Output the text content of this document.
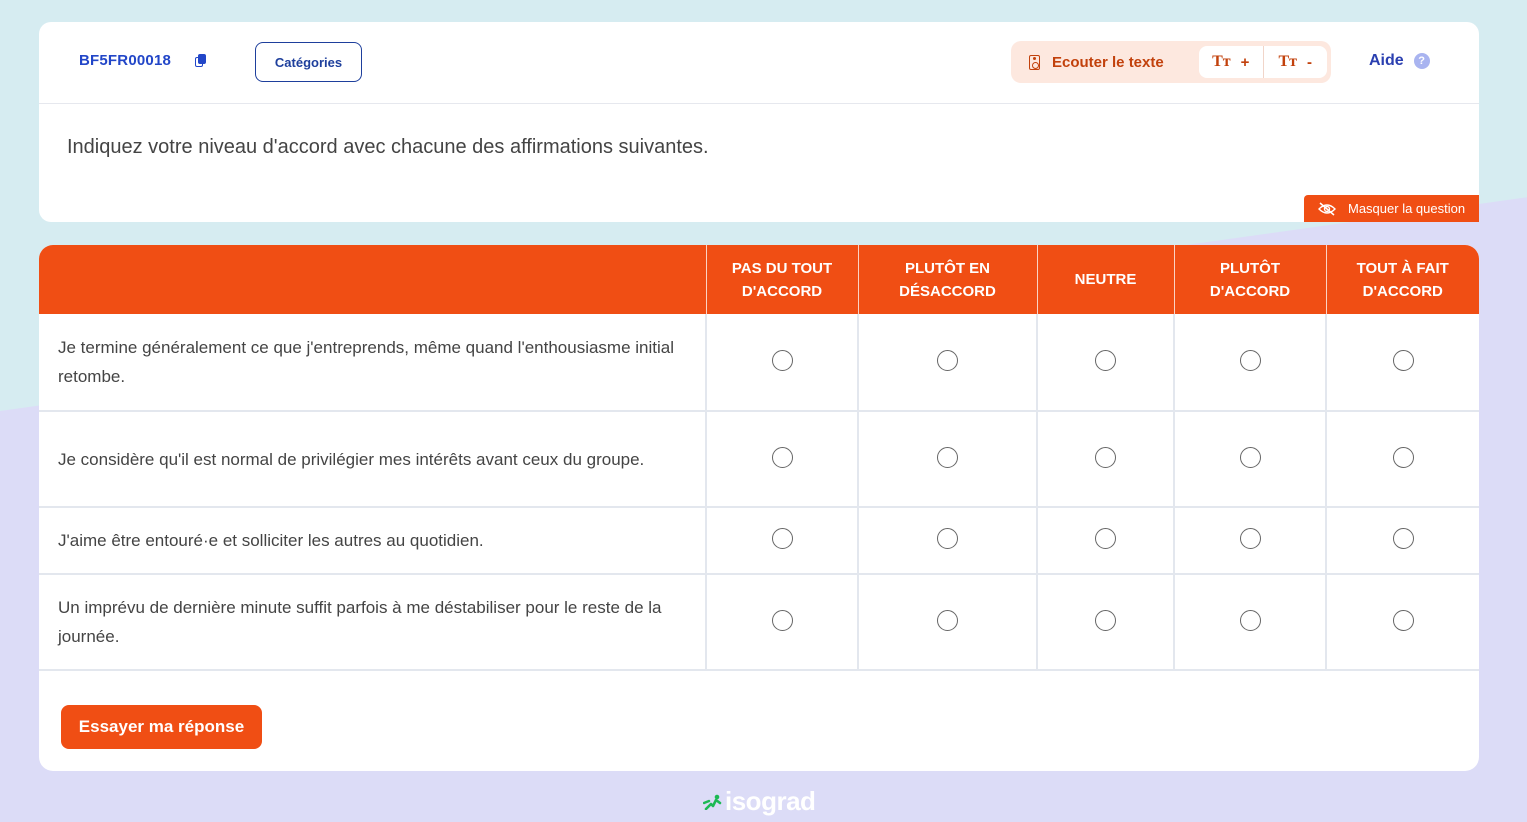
BF5FR00018	Catégories	Ecouter le texte	Tт + Tт -	Aide	?
Indiquez votre niveau d'accord avec chacune des affirmations suivantes.
Masquer la question
	PAS DU TOUT D'ACCORD	PLUTÔT EN DÉSACCORD	NEUTRE	PLUTÔT D'ACCORD	TOUT À FAIT D'ACCORD
Je termine généralement ce que j'entreprends, même quand l'enthousiasme initial retombe.					
Je considère qu'il est normal de privilégier mes intérêts avant ceux du groupe.					
J'aime être entouré·e et solliciter les autres au quotidien.					
Un imprévu de dernière minute suffit parfois à me déstabiliser pour le reste de la journée.					
Essayer ma réponse
isograd
